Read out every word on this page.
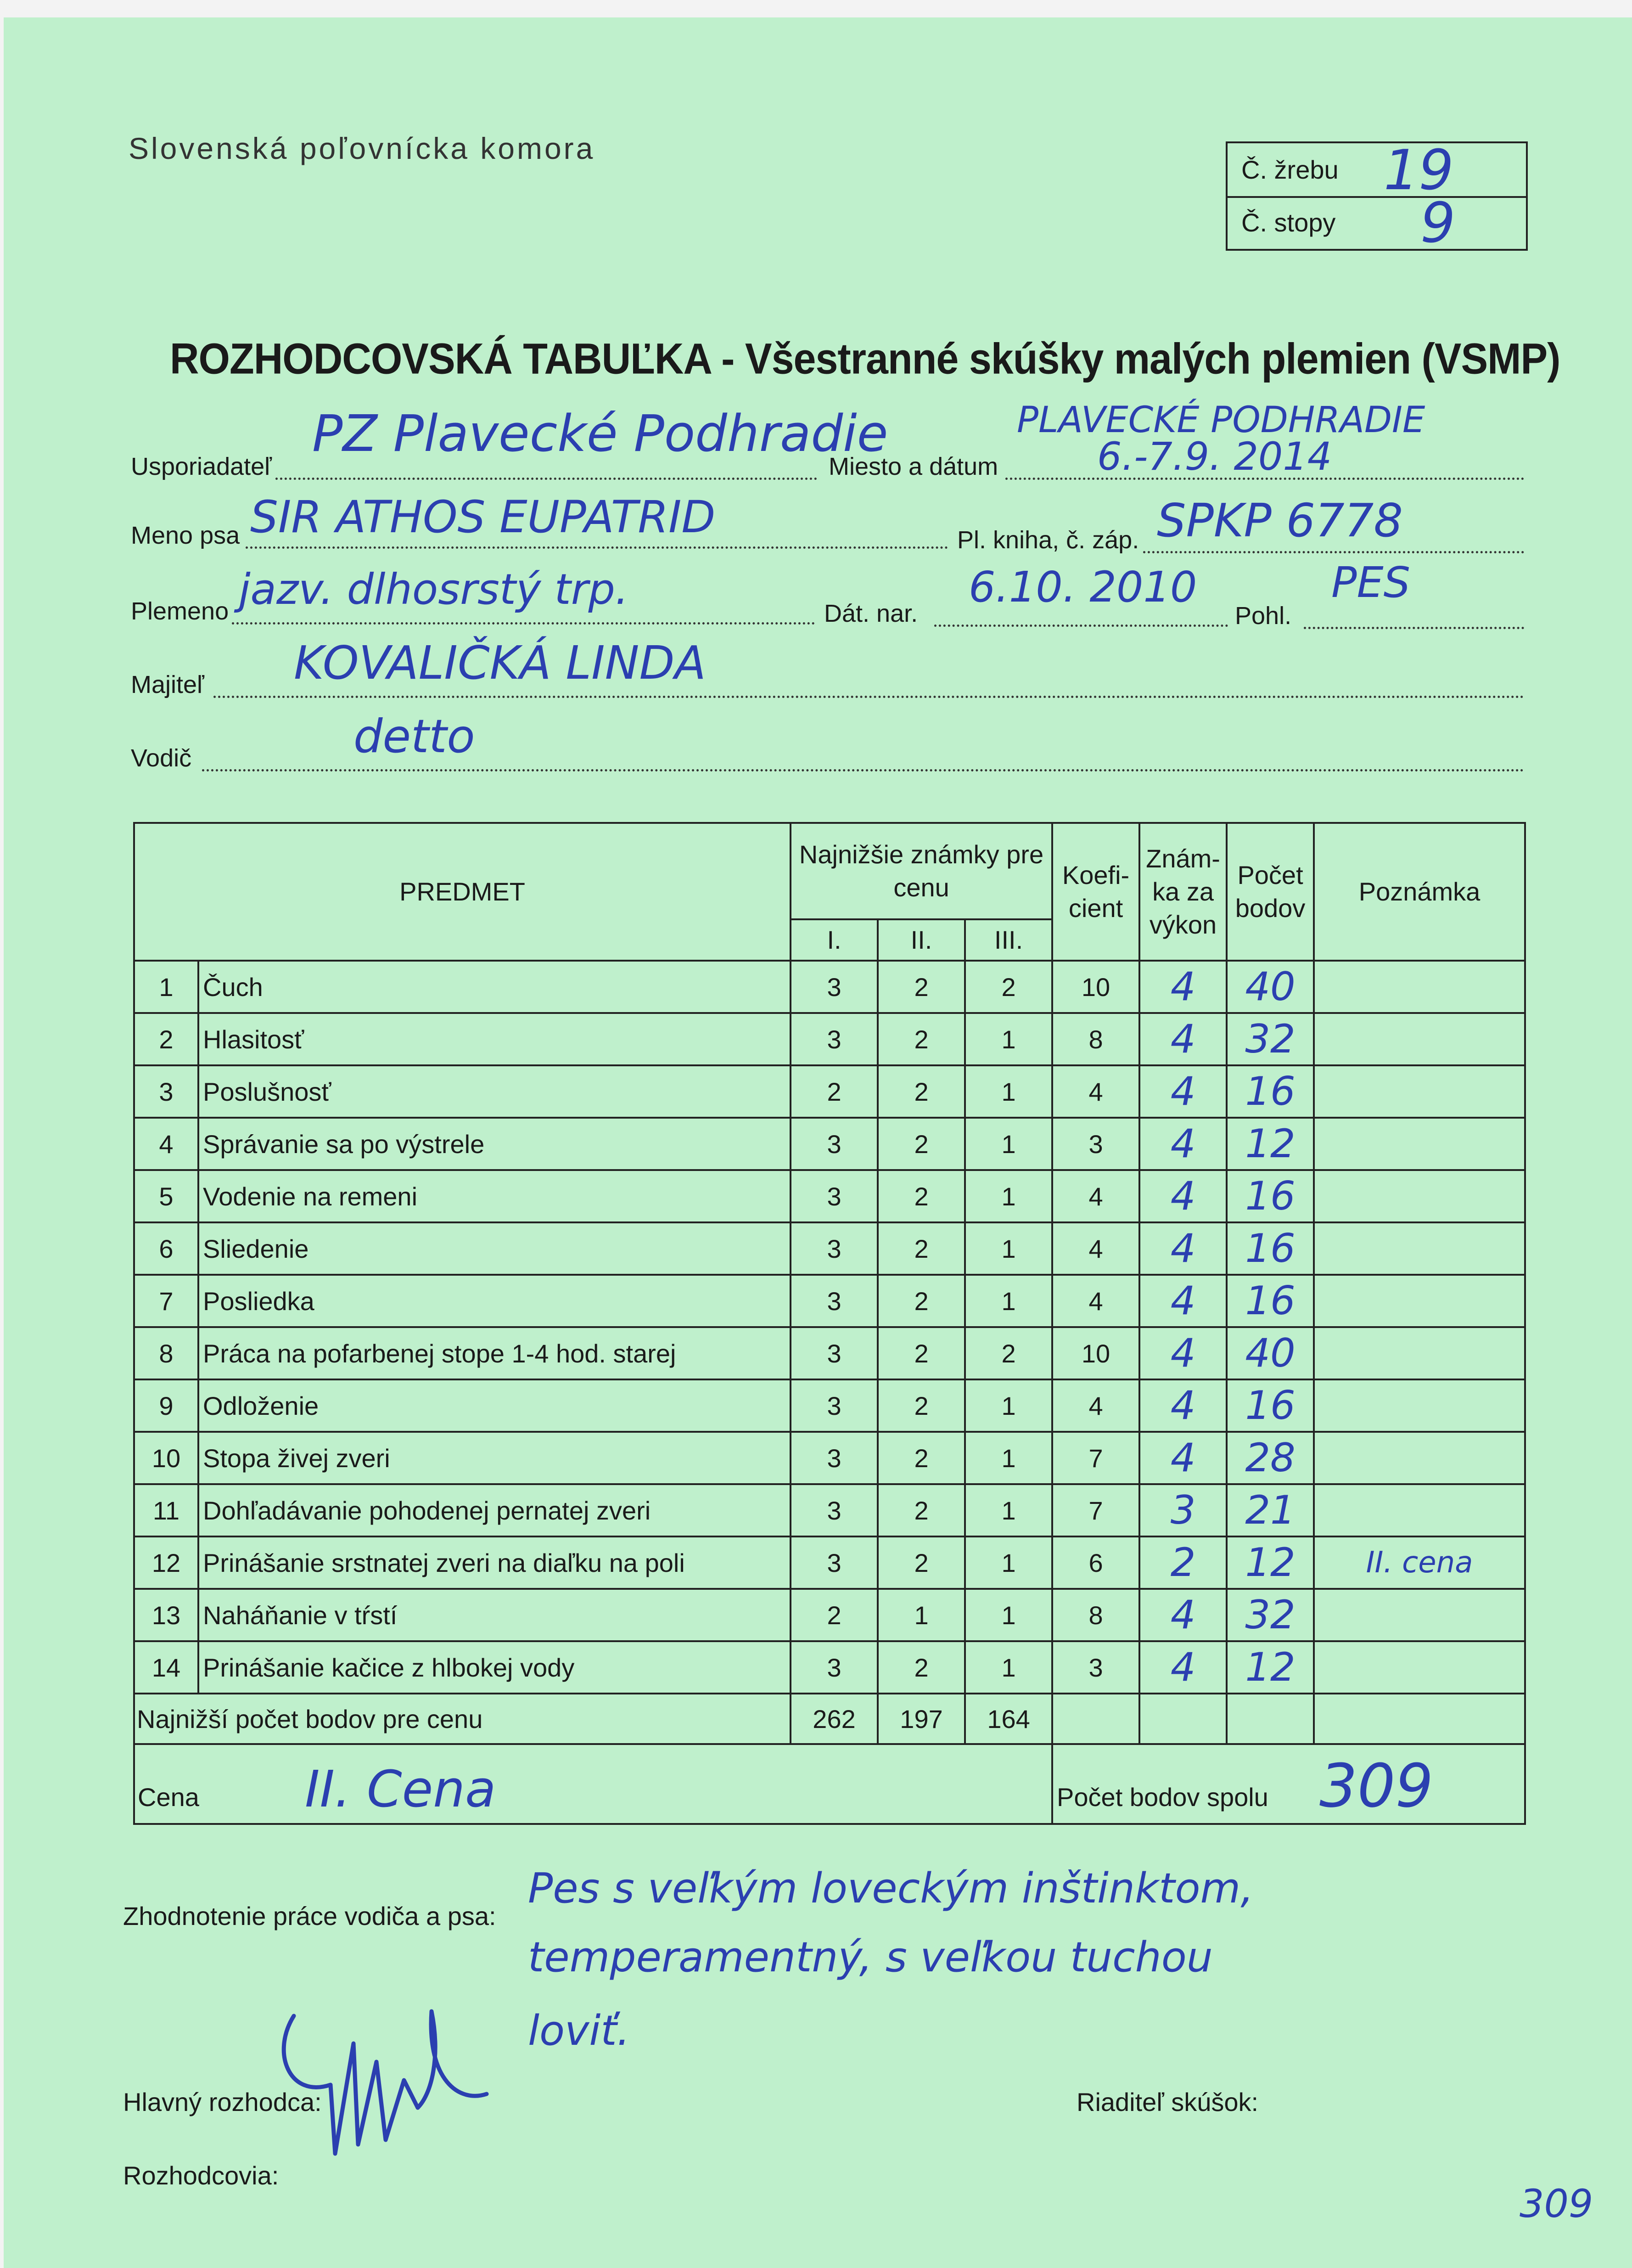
Slovenská poľovnícka komora
Č. žrebu 19
Č. stopy 9
ROZHODCOVSKÁ TABUĽKA - Všestranné skúšky malých plemien (VSMP)
Usporiadateľ
PZ Plavecké Podhradie
Miesto a dátum
PLAVECKÉ PODHRADIE
6.-7.9. 2014
Meno psa SIR ATHOS EUPATRID	Pl. kniha, č. záp. SPKP 6778
Plemeno jazv. dlhosrstý trp.	Dát. nar.
6.10. 2010
Pohl.
PES
Majiteľ KOVALIČKÁ LINDA
Vodič	detto
PREDMET		Najnižšie známky pre cenu			Koefi-cient	Znám-ka za výkon	Počet bodov	Poznámka
		I.	II.	III.				
1	Čuch	3	2	2	10	4	40	
2	Hlasitosť	3	2	1	8	4	32	
3	Poslušnosť	2	2	1	4	4	16	
4	Správanie sa po výstrele	3	2	1	3	4	12	
5	Vodenie na remeni	3	2	1	4	4	16	
6	Sliedenie	3	2	1	4	4	16	
7	Posliedka	3	2	1	4	4	16	
8	Práca na pofarbenej stope 1-4 hod. starej	3	2	2	10	4	40	
9	Odloženie	3	2	1	4	4	16	
10	Stopa živej zveri	3	2	1	7	4	28	
11	Dohľadávanie pohodenej pernatej zveri	3	2	1	7	3	21	
12	Prinášanie srstnatej zveri na diaľku na poli	3	2	1	6	2	12	II. cena
13	Naháňanie v tŕstí	2	1	1	8	4	32	
14	Prinášanie kačice z hlbokej vody	3	2	1	3	4	12	
Najnižší počet bodov pre cenu		262	197	164				

Cena II. Cena					Počet bodov spolu 309			
Zhodnotenie práce vodiča a psa:
Pes s veľkým loveckým inštinktom,
temperamentný, s veľkou tuchou
loviť.
Hlavný rozhodca:	Riaditeľ skúšok:
Rozhodcovia:
309
